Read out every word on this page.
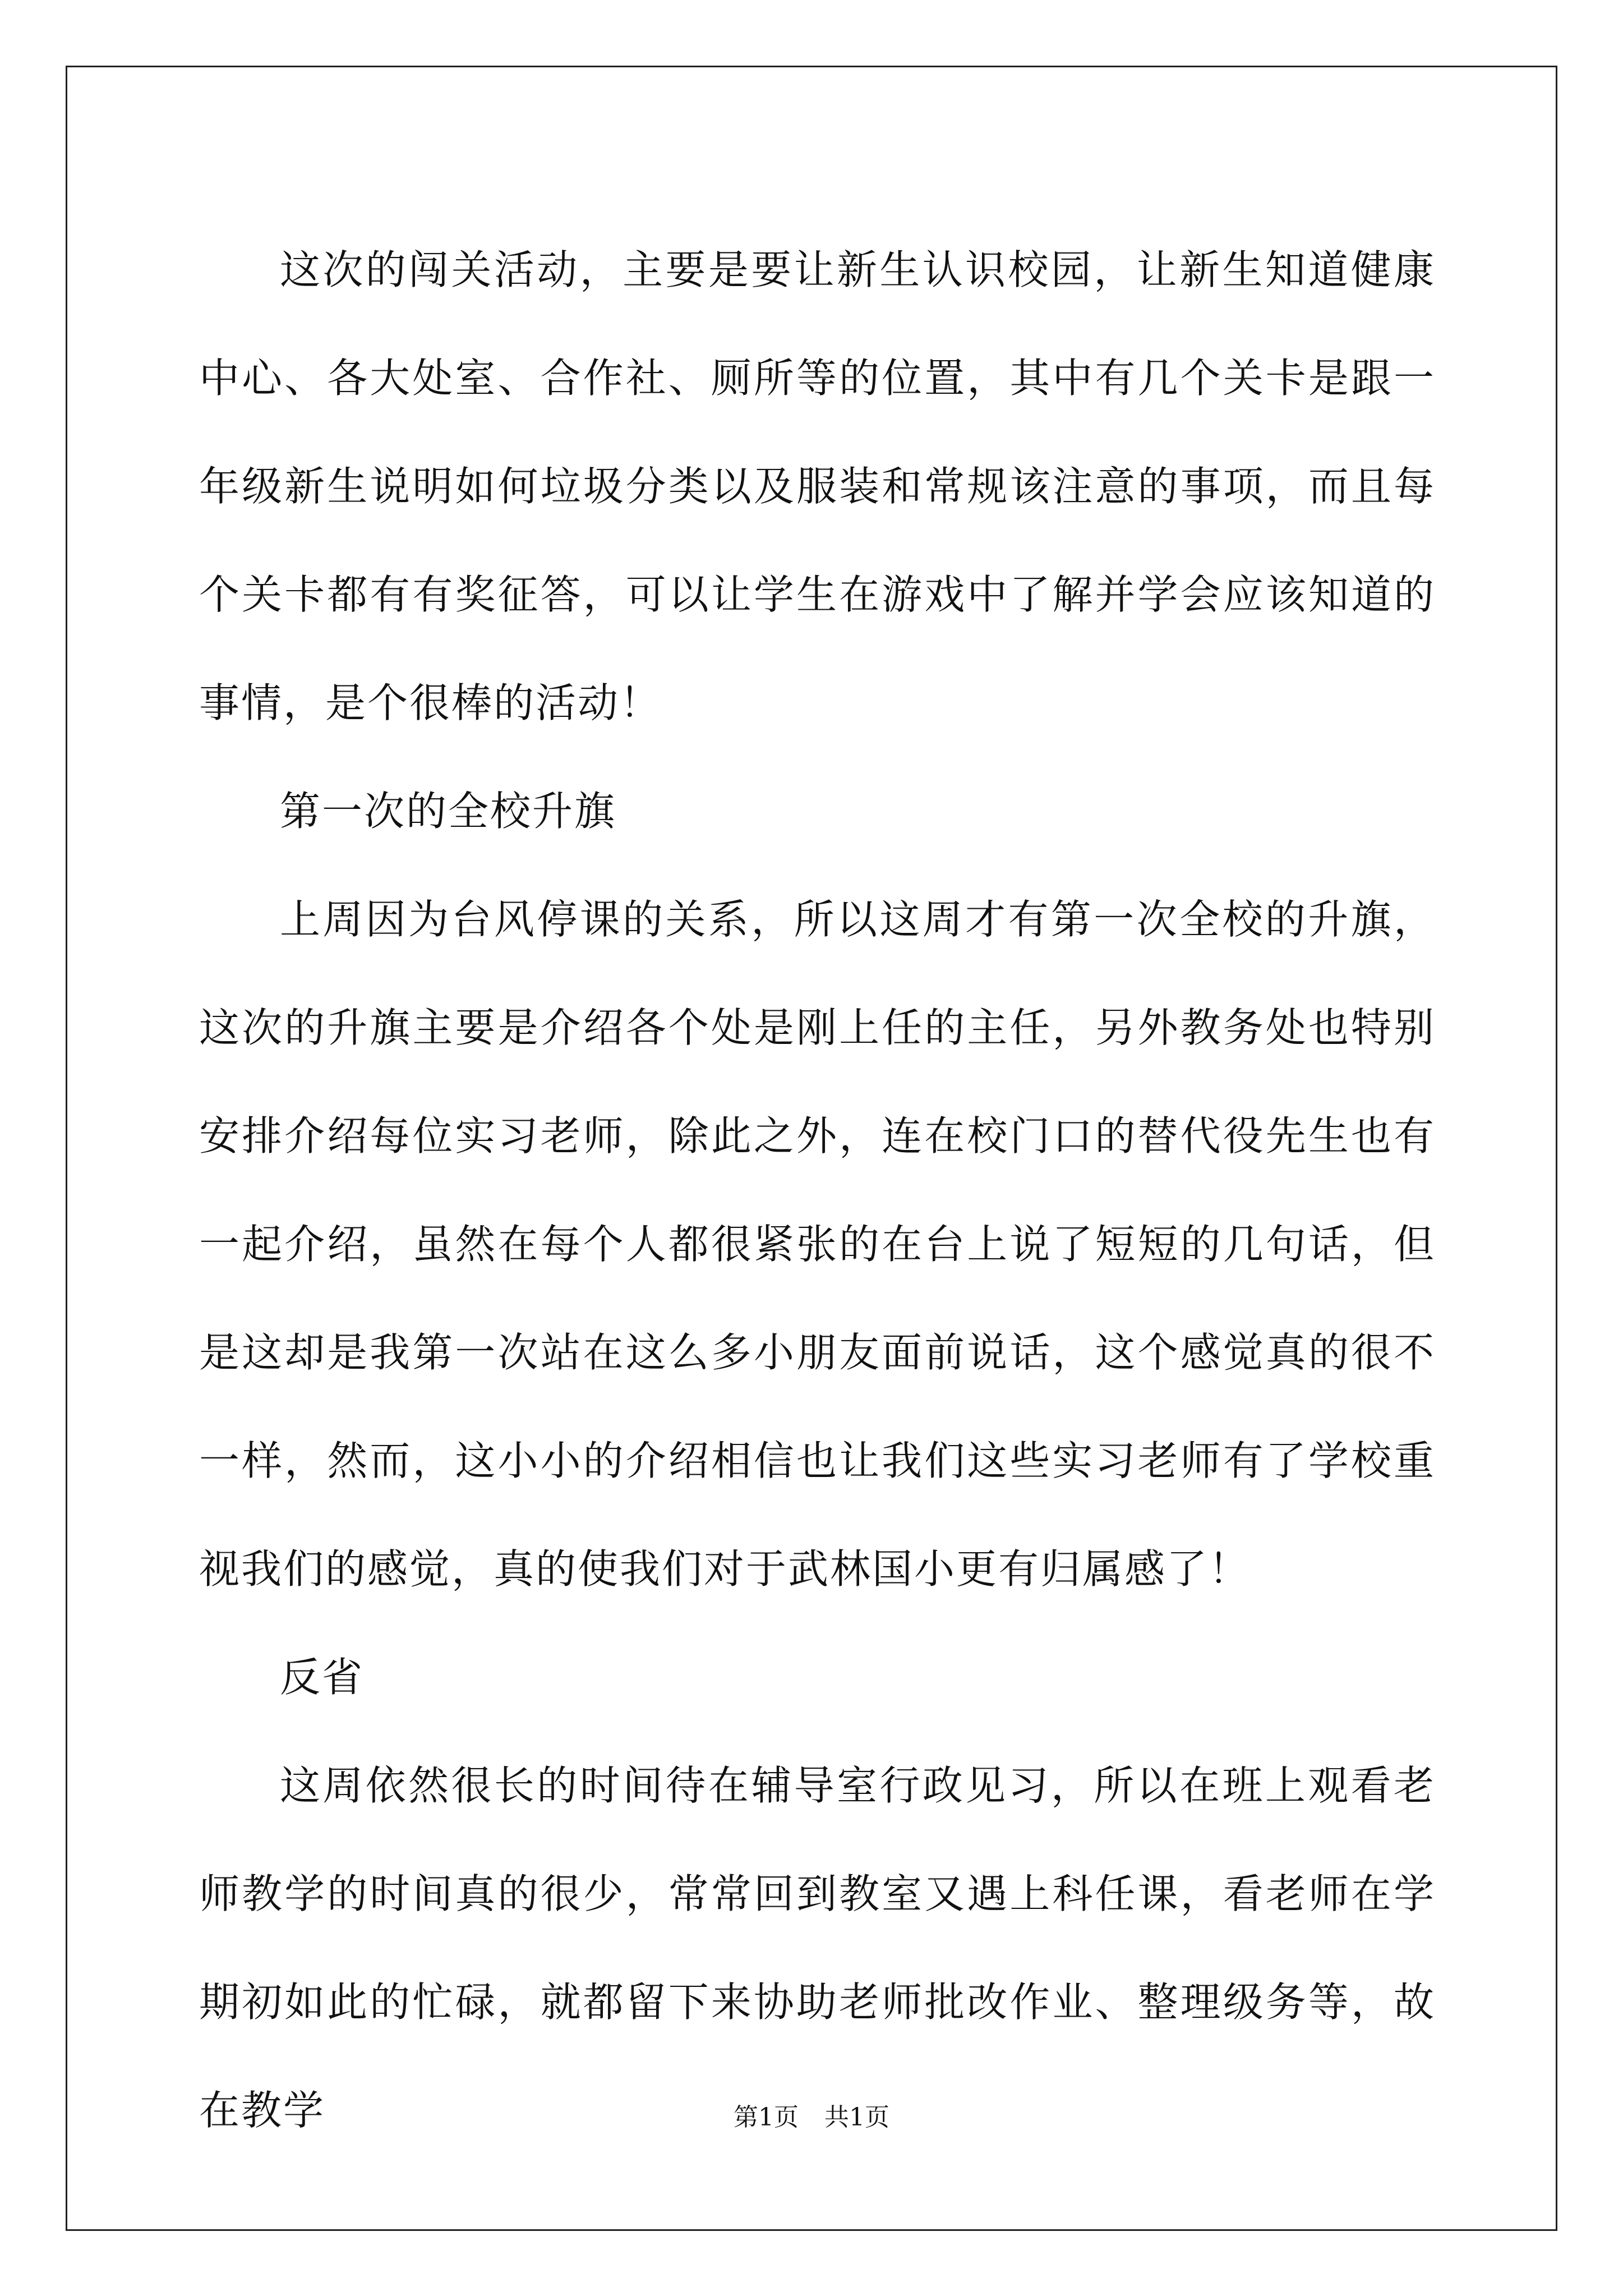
这次的闯关活动，主要是要让新生认识校园，让新生知道健康中心、各大处室、合作社、厕所等的位置，其中有几个关卡是跟一年级新生说明如何垃圾分类以及服装和常规该注意的事项，而且每个关卡都有有奖征答，可以让学生在游戏中了解并学会应该知道的事情，是个很棒的活动！

第一次的全校升旗

上周因为台风停课的关系，所以这周才有第一次全校的升旗，这次的升旗主要是介绍各个处是刚上任的主任，另外教务处也特别安排介绍每位实习老师，除此之外，连在校门口的替代役先生也有一起介绍，虽然在每个人都很紧张的在台上说了短短的几句话，但是这却是我第一次站在这么多小朋友面前说话，这个感觉真的很不一样，然而，这小小的介绍相信也让我们这些实习老师有了学校重视我们的感觉，真的使我们对于武林国小更有归属感了！

反省

这周依然很长的时间待在辅导室行政见习，所以在班上观看老师教学的时间真的很少，常常回到教室又遇上科任课，看老师在学期初如此的忙碌，就都留下来协助老师批改作业、整理级务等，故在教学	第1页 共1页
